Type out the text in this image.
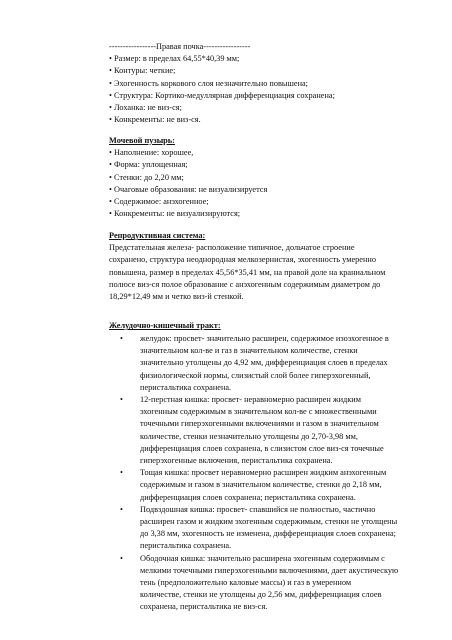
-----------------Правая почка-----------------
• Размер: в пределах 64,55*40,39 мм;
• Контуры: четкие;
• Эхогенность коркового слоя незначительно повышена;
• Структура: Кортико-медуллярная дифференциация сохранена;
• Лоханка: не виз-ся;
• Конкременты: не виз-ся.
Мочевой пузырь:
• Наполнение: хорошее,
• Форма: уплощенная;
• Стенки: до 2,20 мм;
• Очаговые образования: не визуализируется
• Содержимое: анэхогенное;
• Конкременты: не визуализируются;
Репродуктивная система:
Предстательная железа- расположение типичное, дольчатое строение
сохранено, структура неоднородная мелкозернистая, эхогенность умеренно
повышена, размер в пределах 45,56*35,41 мм, на правой доле на краниальном
полюсе виз-ся полое образование с анэхогенным содержимым диаметром до
18,29*12,49 мм и четко виз-й стенкой.
Желудочно-кишечный тракт:
•	желудок: просвет- значительно расширен, содержимое изоэхогенное в
значительном кол-ве и газ в значительном количестве, стенки
значительно утолщены до 4,92 мм, дифференциация слоев в пределах
физиологической нормы, слизистый слой более гиперэхогенный,
перистальтика сохранена.
•	12-перстная кишка: просвет- неравномерно расширен жидким
эхогенным содержимым в значительном кол-ве с множественными
точечными гиперэхогенными включениями и газом в значительном
количестве, стенки незначительно утолщены до 2,70-3,98 мм,
дифференциация слоев сохранена, в слизистом слое виз-ся точечные
гиперэхогенные включения, перистальтика сохранена.
•	Тощая кишка: просвет неравномерно расширен жидким анэхогенным
содержимым и газом в значительном количестве, стенки до 2,18 мм,
дифференциация слоев сохранена; перистальтика сохранена.
•	Подвздошная кишка: просвет- спавшийся не полностью, частично
расширен газом и жидким эхогенным содержимым, стенки не утолщены
до 3,38 мм, эхогенность не изменена, дифференциация слоев сохранена;
перистальтика сохранена.
•	Ободочная кишка: значительно расширена эхогенным содержимым с
мелкими точечными гиперэхогенными включениями, дает акустическую
тень (предположительно каловые массы) и газ в умеренном
количестве, стенки не утолщены до 2,56 мм, дифференциация слоев
сохранена, перистальтика не виз-ся.
